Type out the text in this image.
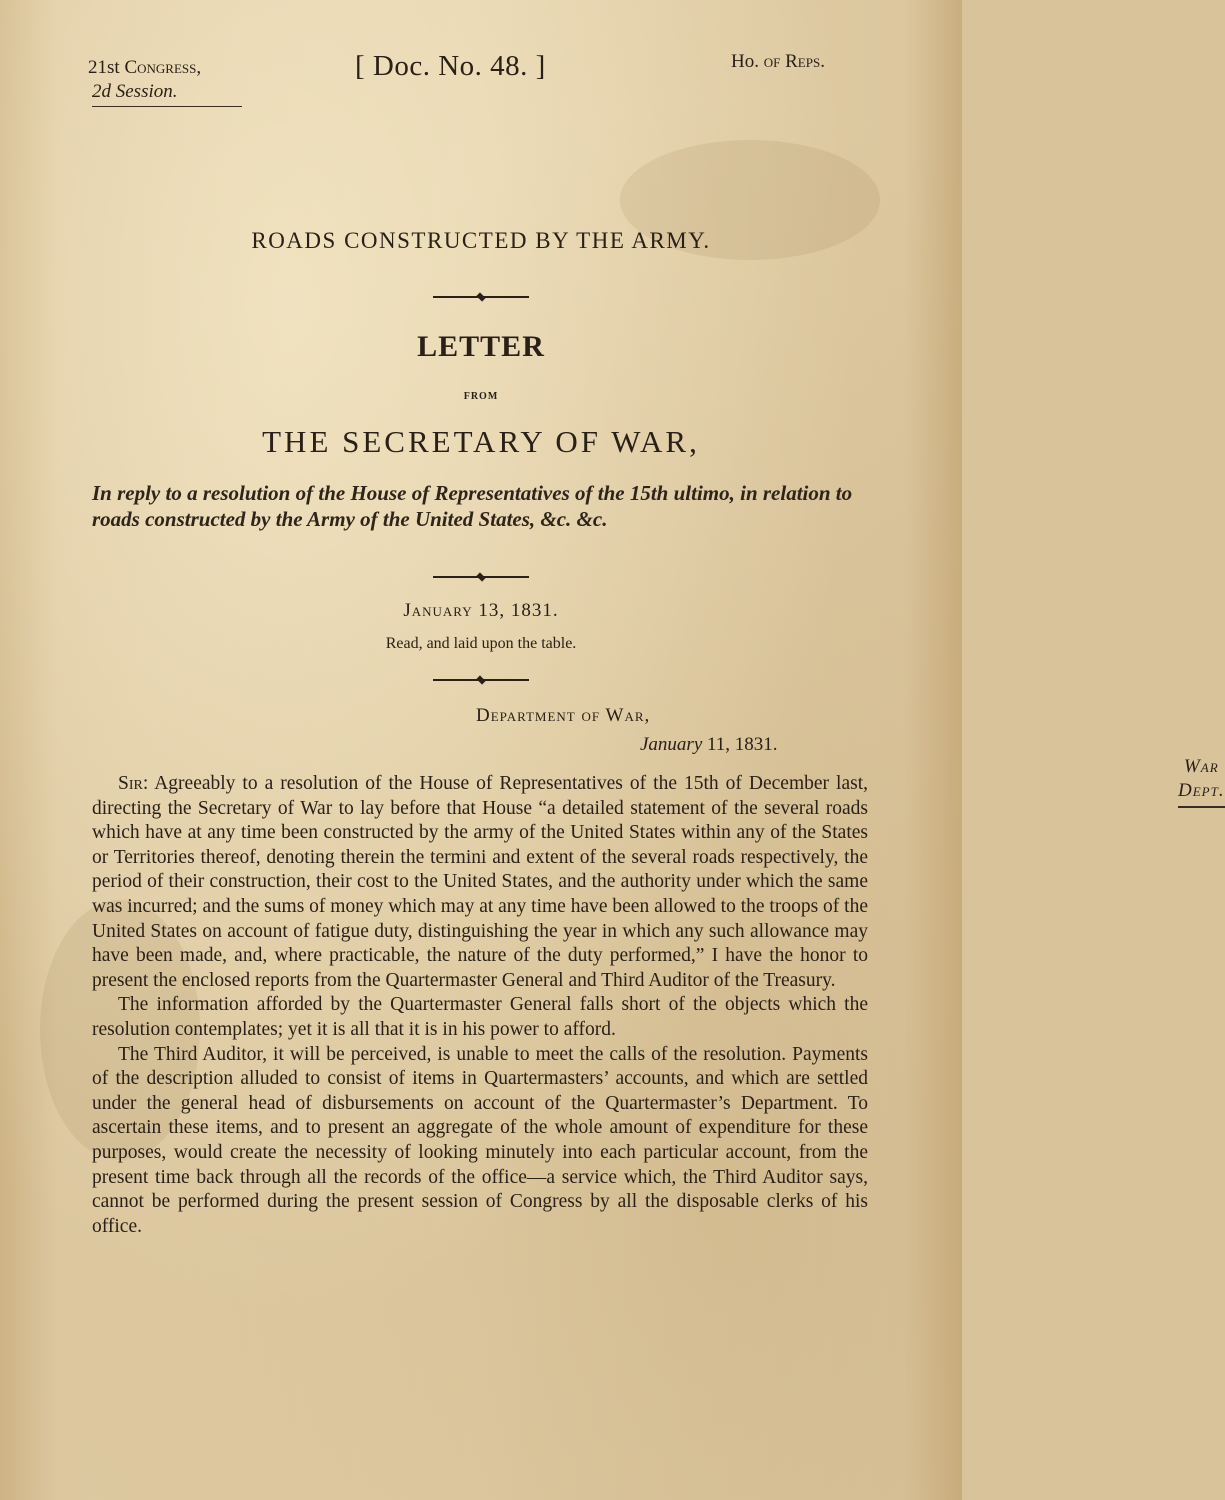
21st Congress,
2d Session.
[ Doc. No. 48. ]	Ho. of Reps.
War Dept.
ROADS CONSTRUCTED BY THE ARMY.
LETTER
FROM
THE SECRETARY OF WAR,
In reply to a resolution of the House of Representatives of the 15th ultimo, in relation to roads constructed by the Army of the United States, &c. &c.
January 13, 1831.
Read, and laid upon the table.
Department of War,
January 11, 1831.

Sir: Agreeably to a resolution of the House of Representatives of the 15th of December last, directing the Secretary of War to lay before that House “a detailed statement of the several roads which have at any time been constructed by the army of the United States within any of the States or Territories thereof, denoting therein the termini and extent of the several roads respectively, the period of their construction, their cost to the United States, and the authority under which the same was incurred; and the sums of money which may at any time have been allowed to the troops of the United States on account of fatigue duty, distinguishing the year in which any such allowance may have been made, and, where practicable, the nature of the duty performed,” I have the honor to present the enclosed reports from the Quartermaster General and Third Auditor of the Treasury.

The information afforded by the Quartermaster General falls short of the objects which the resolution contemplates; yet it is all that it is in his power to afford.

The Third Auditor, it will be perceived, is unable to meet the calls of the resolution. Payments of the description alluded to consist of items in Quartermasters’ accounts, and which are settled under the general head of disbursements on account of the Quartermaster’s Department. To ascertain these items, and to present an aggregate of the whole amount of expenditure for these purposes, would create the necessity of looking minutely into each particular account, from the present time back through all the records of the office—a service which, the Third Auditor says, cannot be performed during the present session of Congress by all the disposable clerks of his office.
